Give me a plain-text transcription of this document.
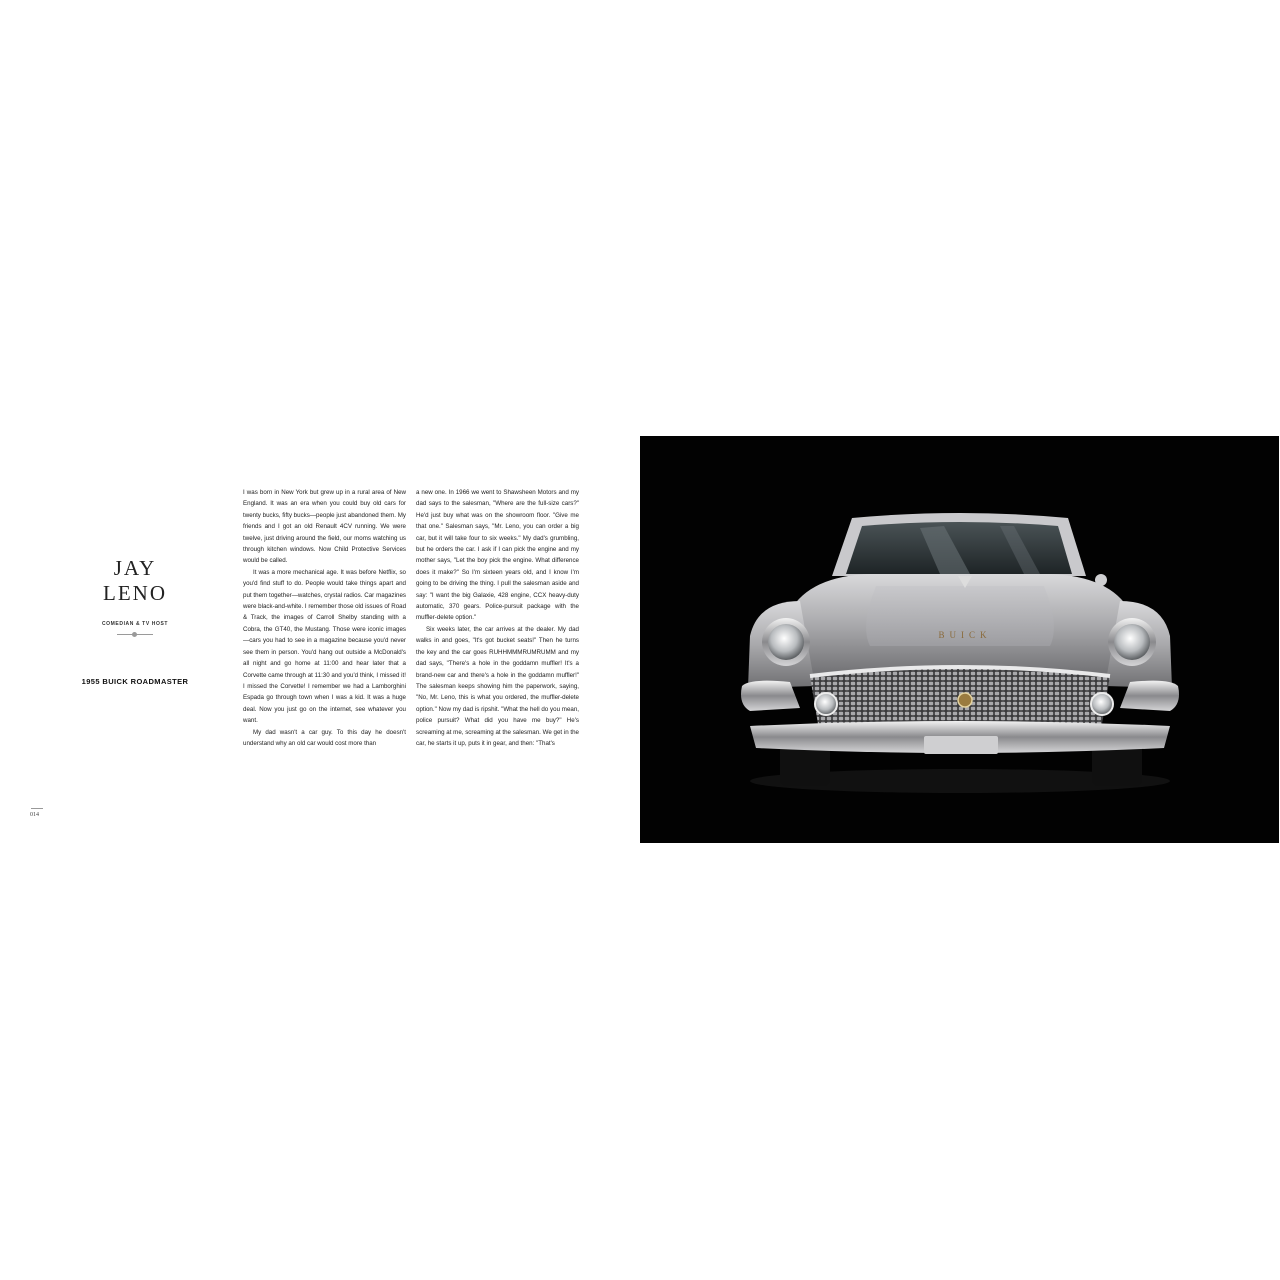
JAY
LENO
COMEDIAN & TV HOST
1955 BUICK ROADMASTER
014

I was born in New York but grew up in a rural area of New England. It was an era when you could buy old cars for twenty bucks, fifty bucks—people just abandoned them. My friends and I got an old Renault 4CV running. We were twelve, just driving around the field, our moms watching us through kitchen windows. Now Child Protective Services would be called.

It was a more mechanical age. It was before Netflix, so you'd find stuff to do. People would take things apart and put them together—watches, crystal radios. Car magazines were black-and-white. I remember those old issues of Road & Track, the images of Carroll Shelby standing with a Cobra, the GT40, the Mustang. Those were iconic images—cars you had to see in a magazine because you'd never see them in person. You'd hang out outside a McDonald's all night and go home at 11:00 and hear later that a Corvette came through at 11:30 and you'd think, I missed it! I missed the Corvette! I remember we had a Lamborghini Espada go through town when I was a kid. It was a huge deal. Now you just go on the internet, see whatever you want.

My dad wasn't a car guy. To this day he doesn't understand why an old car would cost more than

a new one. In 1966 we went to Shawsheen Motors and my dad says to the salesman, "Where are the full-size cars?" He'd just buy what was on the showroom floor. "Give me that one." Salesman says, "Mr. Leno, you can order a big car, but it will take four to six weeks." My dad's grumbling, but he orders the car. I ask if I can pick the engine and my mother says, "Let the boy pick the engine. What difference does it make?" So I'm sixteen years old, and I know I'm going to be driving the thing. I pull the salesman aside and say: "I want the big Galaxie, 428 engine, CCX heavy-duty automatic, 370 gears. Police-pursuit package with the muffler-delete option."

Six weeks later, the car arrives at the dealer. My dad walks in and goes, "It's got bucket seats!" Then he turns the key and the car goes RUHHMMMRUMRUMM and my dad says, "There's a hole in the goddamn muffler! It's a brand-new car and there's a hole in the goddamn muffler!" The salesman keeps showing him the paperwork, saying, "No, Mr. Leno, this is what you ordered, the muffler-delete option." Now my dad is ripshit. "What the hell do you mean, police pursuit? What did you have me buy?" He's screaming at me, screaming at the salesman. We get in the car, he starts it up, puts it in gear, and then: "That's

BUICK
